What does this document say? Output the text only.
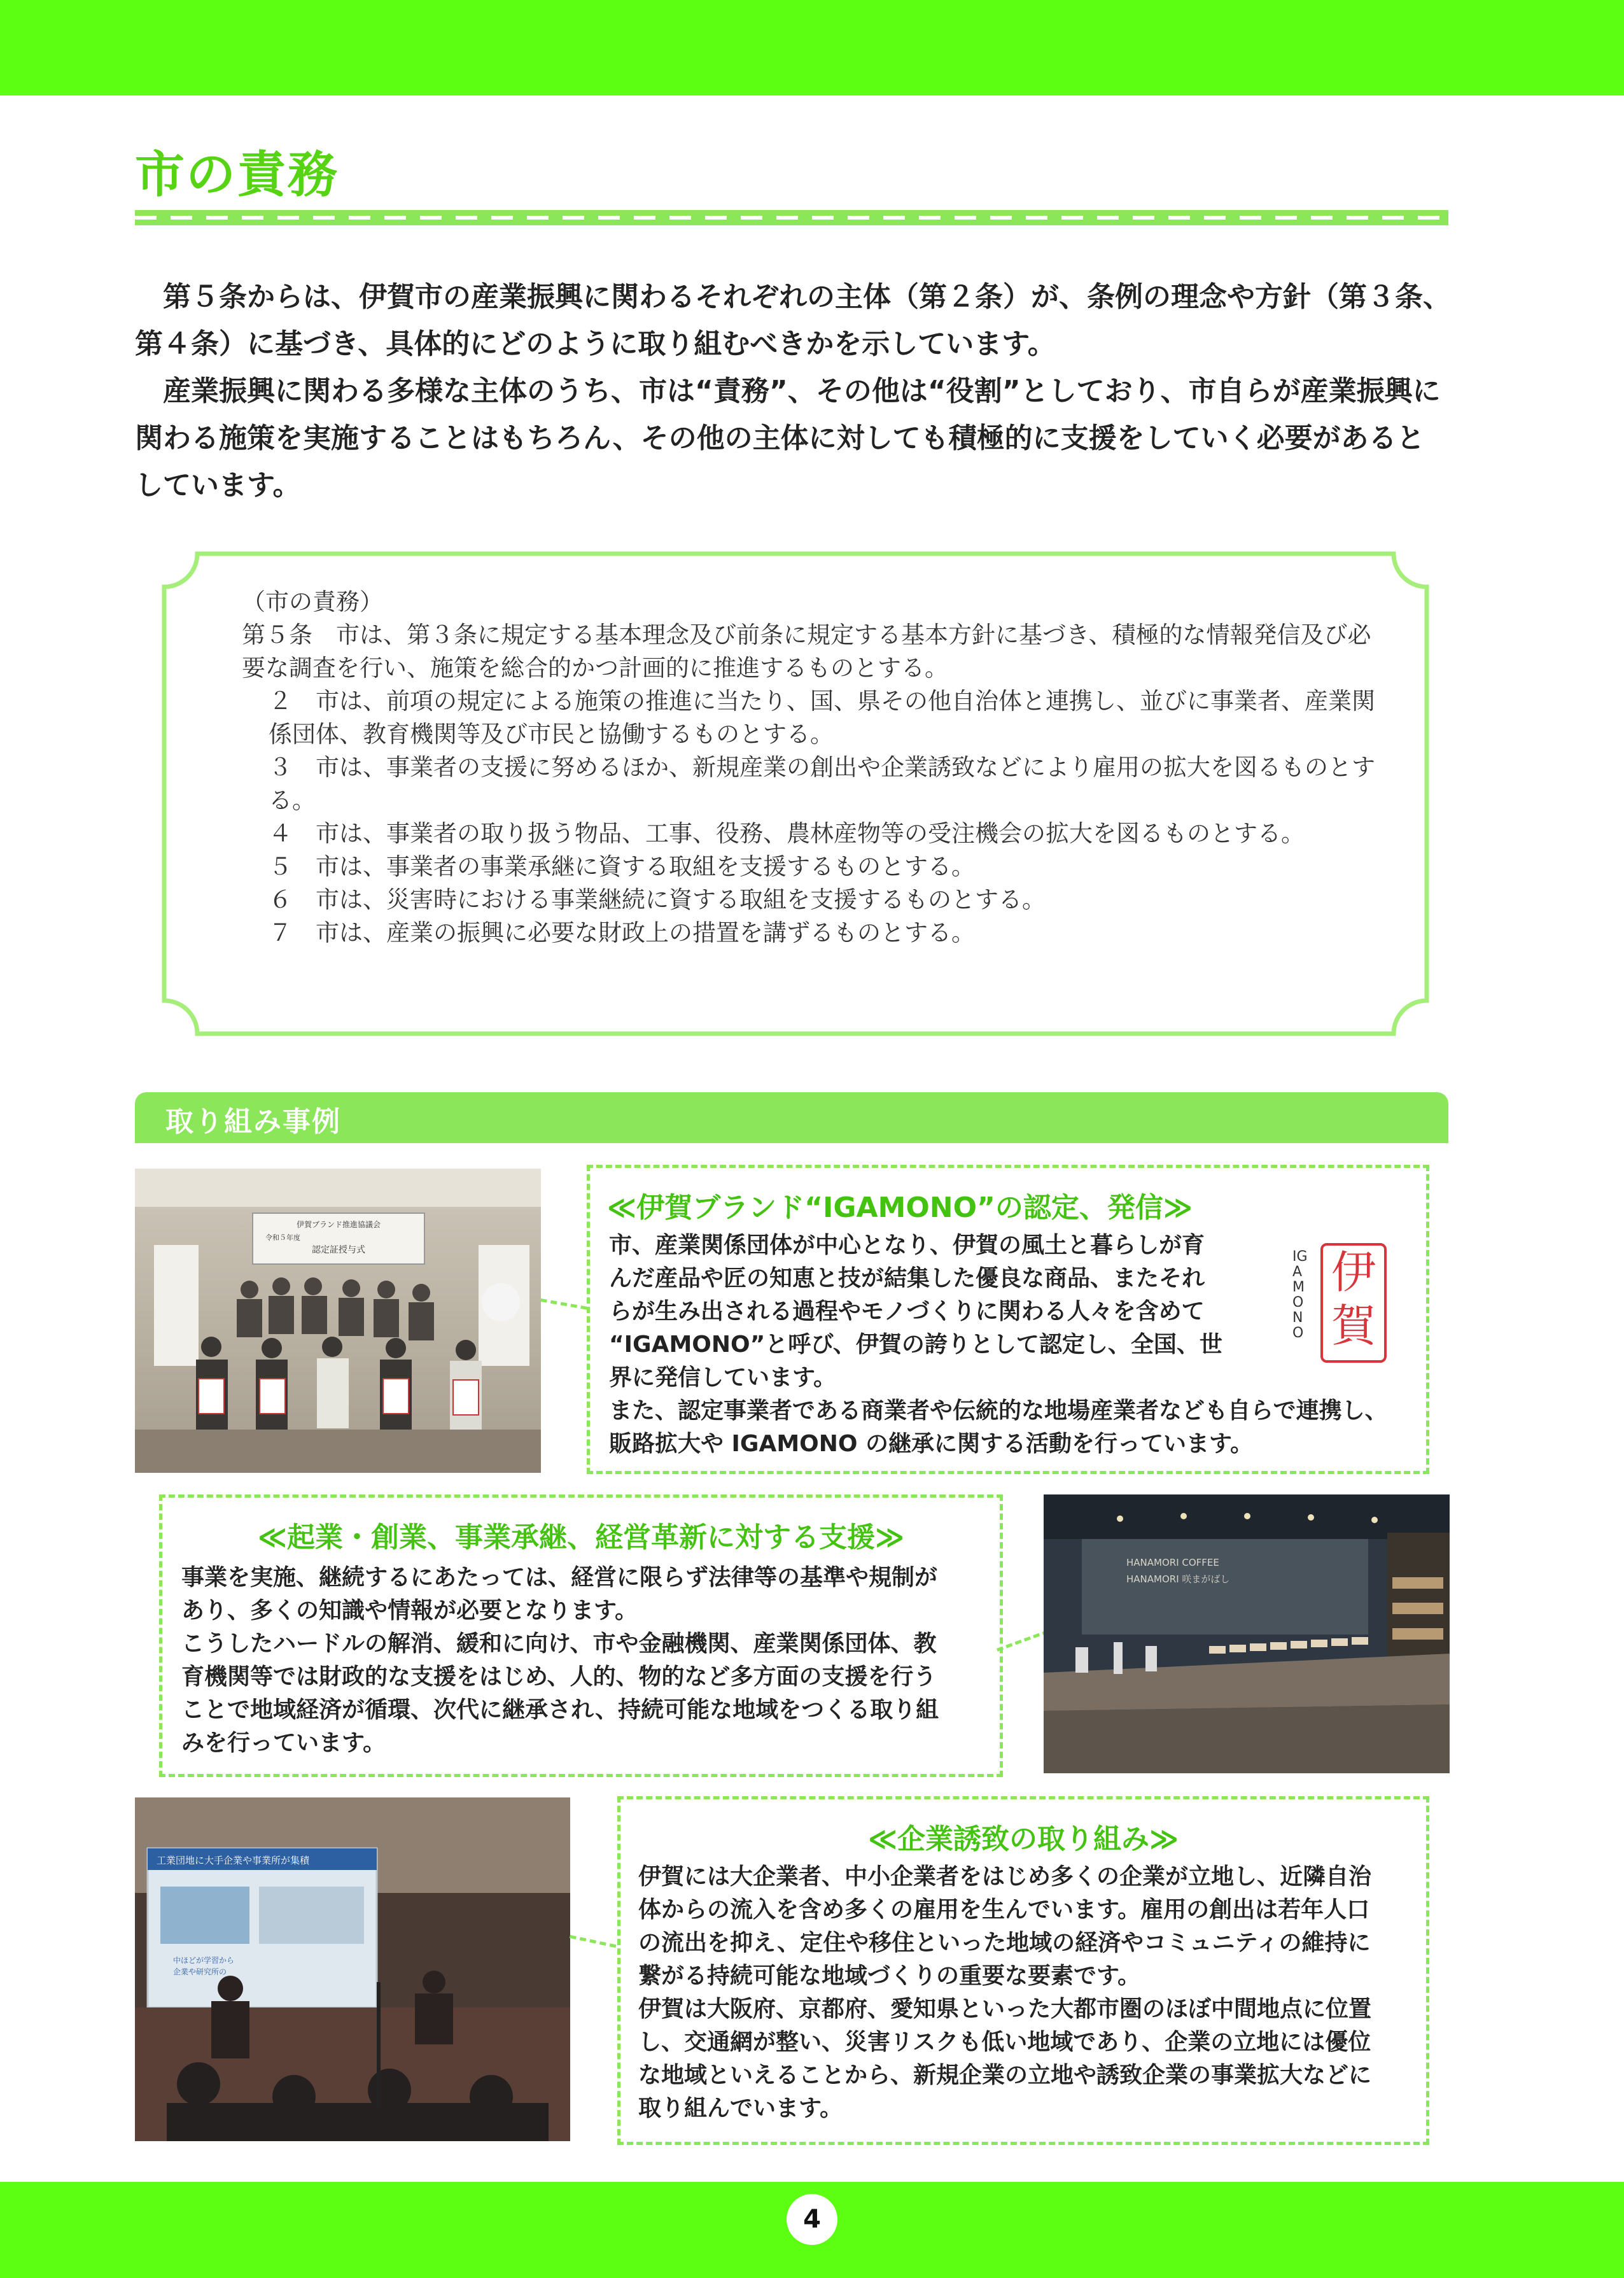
市の責務

第５条からは、伊賀市の産業振興に関わるそれぞれの主体（第２条）が、条例の理念や方針（第３条、第４条）に基づき、具体的にどのように取り組むべきかを示しています。

産業振興に関わる多様な主体のうち、市は“責務”、その他は“役割”としており、市自らが産業振興に関わる施策を実施することはもちろん、その他の主体に対しても積極的に支援をしていく必要があるとしています。

（市の責務）

第５条　市は、第３条に規定する基本理念及び前条に規定する基本方針に基づき、積極的な情報発信及び必要な調査を行い、施策を総合的かつ計画的に推進するものとする。

２　市は、前項の規定による施策の推進に当たり、国、県その他自治体と連携し、並びに事業者、産業関係団体、教育機関等及び市民と協働するものとする。

３　市は、事業者の支援に努めるほか、新規産業の創出や企業誘致などにより雇用の拡大を図るものとする。

４　市は、事業者の取り扱う物品、工事、役務、農林産物等の受注機会の拡大を図るものとする。

５　市は、事業者の事業承継に資する取組を支援するものとする。

６　市は、災害時における事業継続に資する取組を支援するものとする。

７　市は、産業の振興に必要な財政上の措置を講ずるものとする。

取り組み事例
伊賀ブランド推進協議会
令和５年度
認定証授与式
≪伊賀ブランド“IGAMONO”の認定、発信≫

市、産業関係団体が中心となり、伊賀の風土と暮らしが育

んだ産品や匠の知恵と技が結集した優良な商品、またそれ

らが生み出される過程やモノづくりに関わる人々を含めて

“IGAMONO”と呼び、伊賀の誇りとして認定し、全国、世

界に発信しています。

また、認定事業者である商業者や伝統的な地場産業者なども自らで連携し、

販路拡大や IGAMONO の継承に関する活動を行っています。

IGAMONO
伊賀
≪起業・創業、事業承継、経営革新に対する支援≫

事業を実施、継続するにあたっては、経営に限らず法律等の基準や規制が

あり、多くの知識や情報が必要となります。

こうしたハードルの解消、緩和に向け、市や金融機関、産業関係団体、教

育機関等では財政的な支援をはじめ、人的、物的など多方面の支援を行う

ことで地域経済が循環、次代に継承され、持続可能な地域をつくる取り組

みを行っています。

HANAMORI COFFEE
HANAMORI 咲まがばし
工業団地に大手企業や事業所が集積
中ほどが学習から
企業や研究所の
≪企業誘致の取り組み≫

伊賀には大企業者、中小企業者をはじめ多くの企業が立地し、近隣自治

体からの流入を含め多くの雇用を生んでいます。雇用の創出は若年人口

の流出を抑え、定住や移住といった地域の経済やコミュニティの維持に

繋がる持続可能な地域づくりの重要な要素です。

伊賀は大阪府、京都府、愛知県といった大都市圏のほぼ中間地点に位置

し、交通網が整い、災害リスクも低い地域であり、企業の立地には優位

な地域といえることから、新規企業の立地や誘致企業の事業拡大などに

取り組んでいます。

4
